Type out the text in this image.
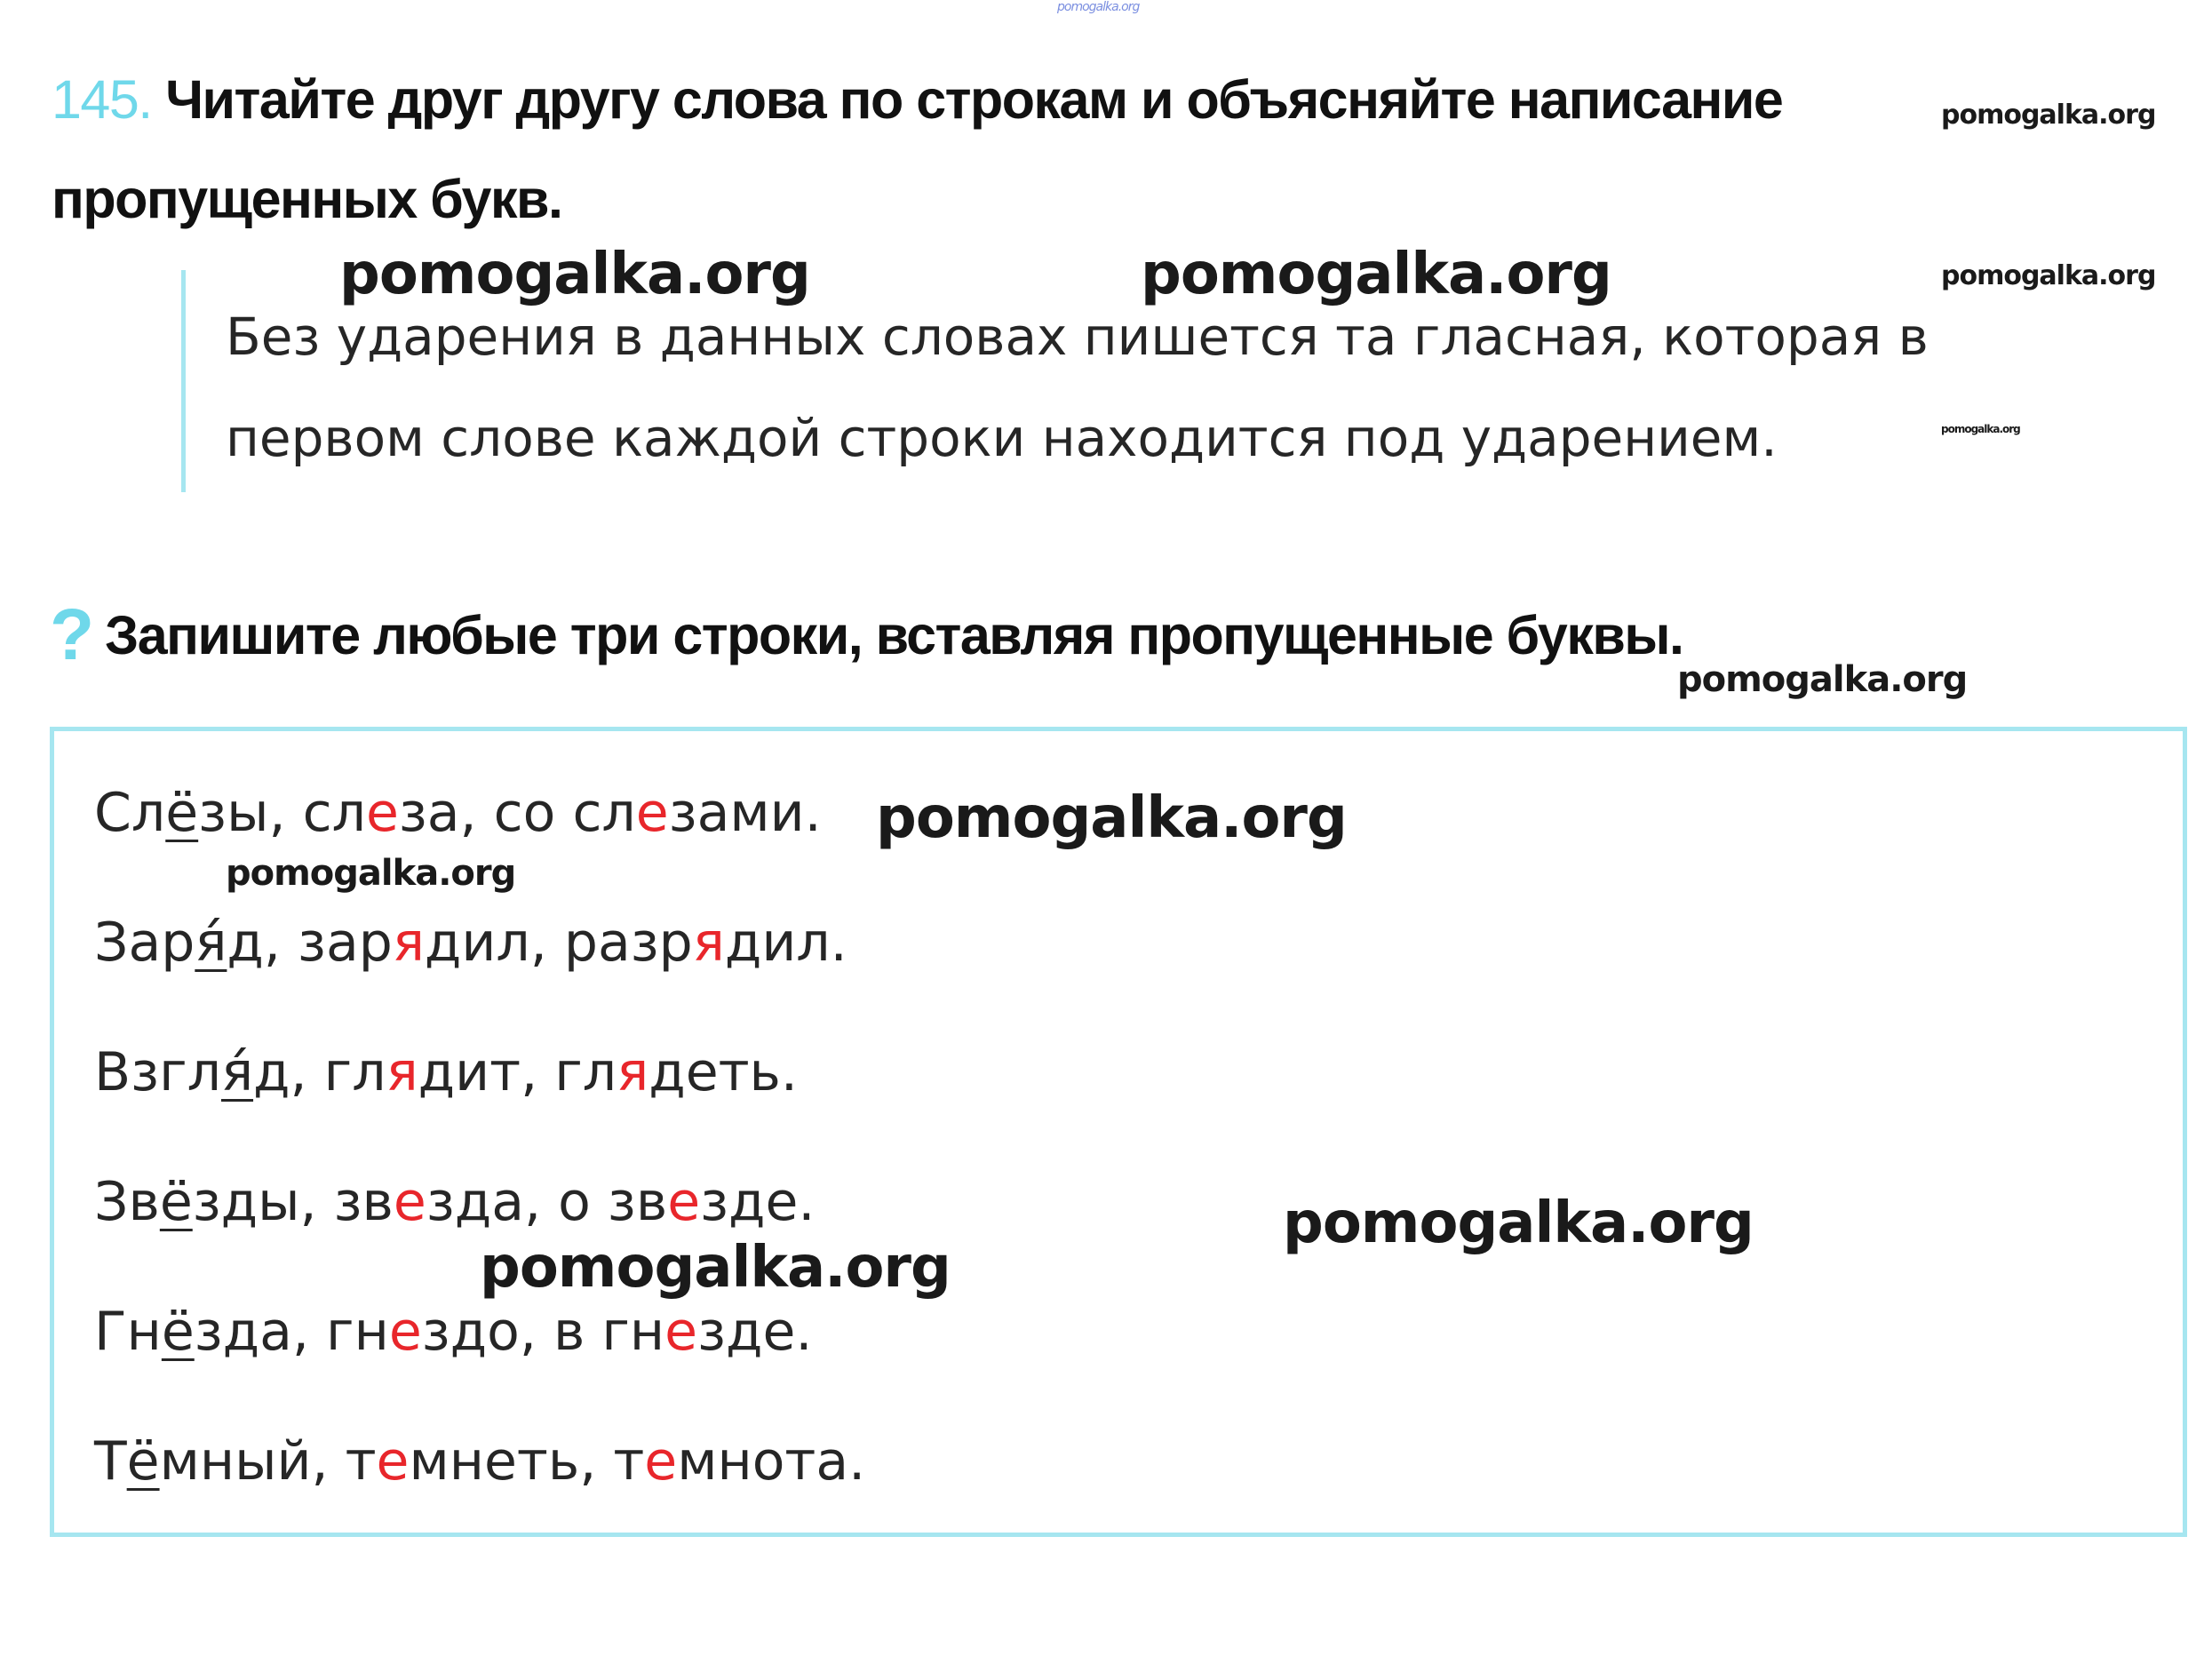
pomogalka.org
pomogalka.org
pomogalka.org
pomogalka.org
pomogalka.org	pomogalka.org
pomogalka.org
145. Читайте друг другу слова по строкам и объясняйте написание пропущенных букв.
Без ударения в данных словах пишется та гласная, которая в первом слове каждой строки находится под ударением.
? Запишите любые три строки, вставляя пропущенные буквы.
Слёзы, слеза, со слезами.
Заря́д, зарядил, разрядил.
Взгля́д, глядит, глядеть.
Звёзды, звезда, о звезде.
Гнёзда, гнездо, в гнезде.
Тёмный, темнеть, темнота.
pomogalka.org
pomogalka.org
pomogalka.org
pomogalka.org
